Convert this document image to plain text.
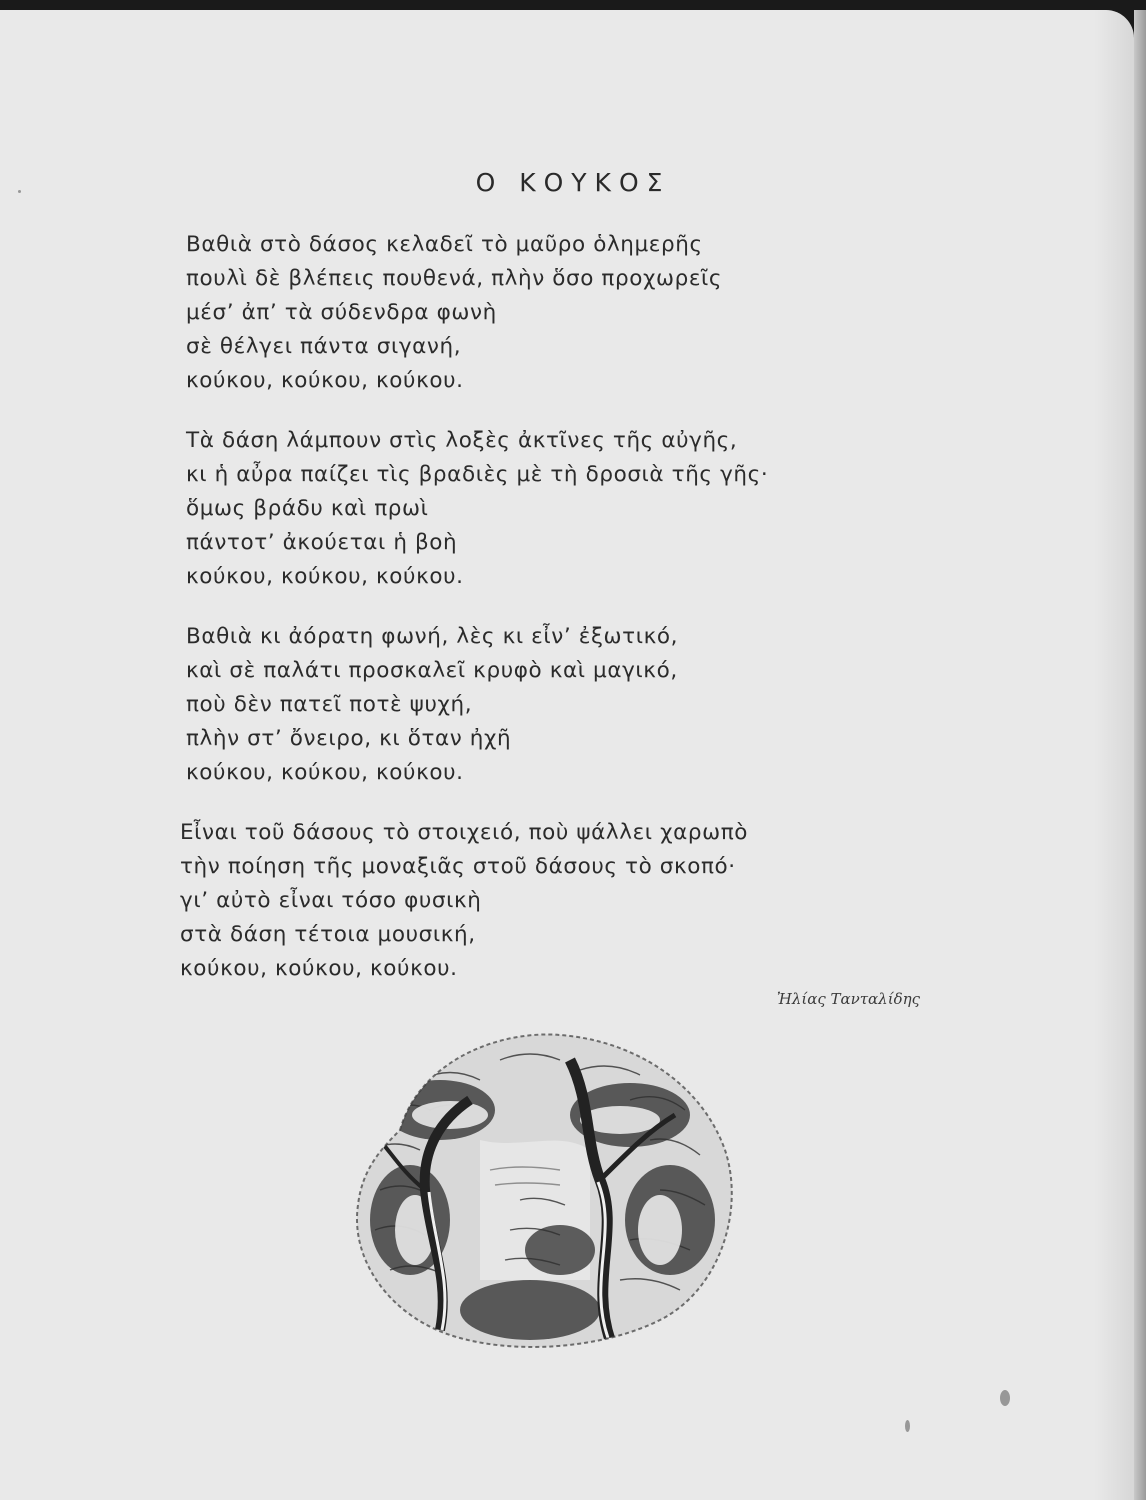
Ο ΚΟΥΚΟΣ
Βαθιὰ στὸ δάσος κελαδεῖ τὸ μαῦρο ὁλημερῆς
πουλὶ δὲ βλέπεις πουθενά, πλὴν ὅσο προχωρεῖς
μέσ’ ἀπ’ τὰ σύδενδρα φωνὴ
σὲ θέλγει πάντα σιγανή,
κούκου, κούκου, κούκου.
Τὰ δάση λάμπουν στὶς λοξὲς ἀκτῖνες τῆς αὐγῆς,
κι ἡ αὖρα παίζει τὶς βραδιὲς μὲ τὴ δροσιὰ τῆς γῆς·
ὅμως βράδυ καὶ πρωὶ
πάντοτ’ ἀκούεται ἡ βοὴ
κούκου, κούκου, κούκου.
Βαθιὰ κι ἀόρατη φωνή, λὲς κι εἶν’ ἐξωτικό,
καὶ σὲ παλάτι προσκαλεῖ κρυφὸ καὶ μαγικό,
ποὺ δὲν πατεῖ ποτὲ ψυχή,
πλὴν στ’ ὄνειρο, κι ὅταν ἠχῆ
κούκου, κούκου, κούκου.
Εἶναι τοῦ δάσους τὸ στοιχειό, ποὺ ψάλλει χαρωπὸ
τὴν ποίηση τῆς μοναξιᾶς στοῦ δάσους τὸ σκοπό·
γι’ αὐτὸ εἶναι τόσο φυσικὴ
στὰ δάση τέτοια μουσική,
κούκου, κούκου, κούκου.
Ἠλίας Τανταλίδης
